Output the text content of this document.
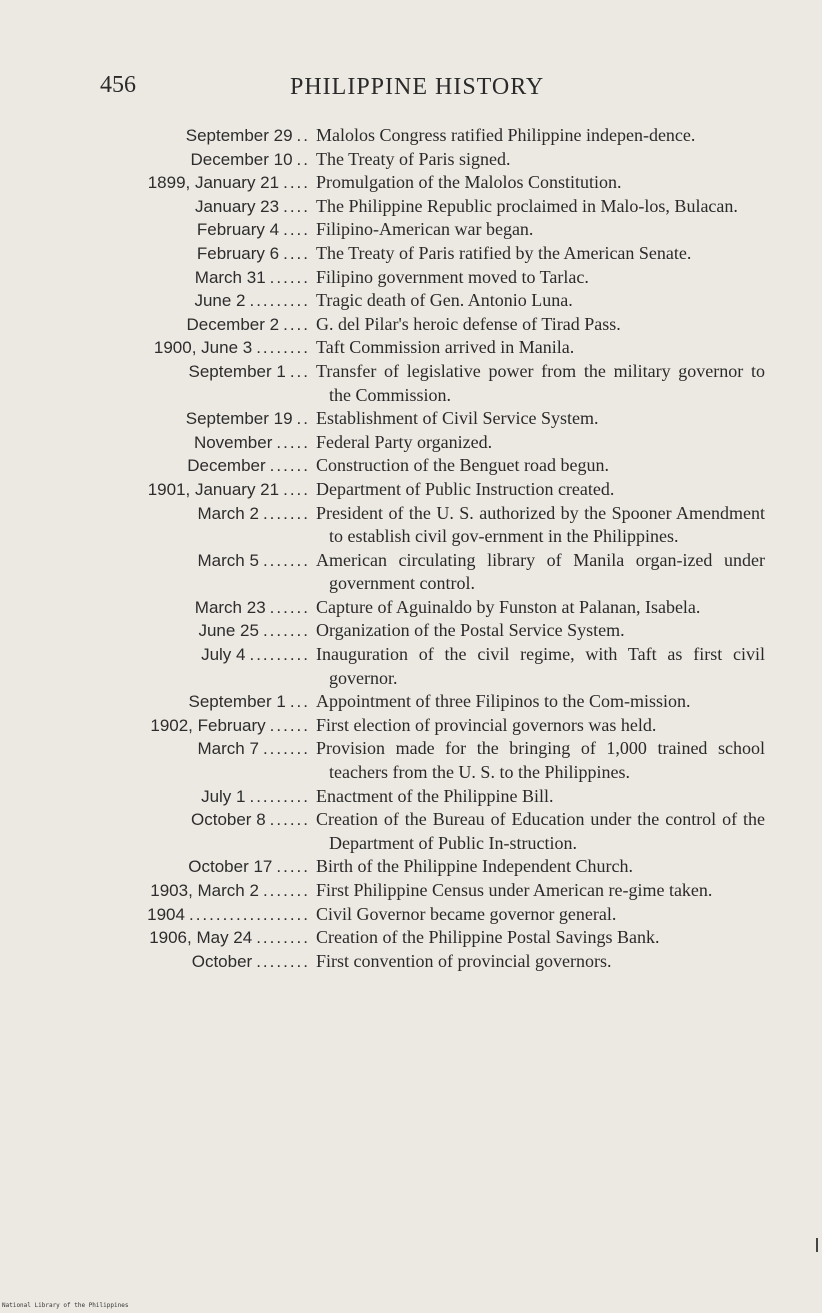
456	PHILIPPINE HISTORY
September 29 .. Malolos Congress ratified Philippine indepen-dence.
December 10 .. The Treaty of Paris signed.
1899, January 21 .... Promulgation of the Malolos Constitution.
January 23 .... The Philippine Republic proclaimed in Malo-los, Bulacan.
February 4 .... Filipino-American war began.
February 6 .... The Treaty of Paris ratified by the American Senate.
March 31 ...... Filipino government moved to Tarlac.
June 2 ......... Tragic death of Gen. Antonio Luna.
December 2 .... G. del Pilar's heroic defense of Tirad Pass.
1900, June 3 ........ Taft Commission arrived in Manila.
September 1 ... Transfer of legislative power from the military governor to the Commission.
September 19 .. Establishment of Civil Service System.
November ..... Federal Party organized.
December ...... Construction of the Benguet road begun.
1901, January 21 .... Department of Public Instruction created.
March 2 ....... President of the U. S. authorized by the Spooner Amendment to establish civil gov-ernment in the Philippines.
March 5 ....... American circulating library of Manila organ-ized under government control.
March 23 ...... Capture of Aguinaldo by Funston at Palanan, Isabela.
June 25 ....... Organization of the Postal Service System.
July 4 ......... Inauguration of the civil regime, with Taft as first civil governor.
September 1 ... Appointment of three Filipinos to the Com-mission.
1902, February ...... First election of provincial governors was held.
March 7 ....... Provision made for the bringing of 1,000 trained school teachers from the U. S. to the Philippines.
July 1 ......... Enactment of the Philippine Bill.
October 8 ...... Creation of the Bureau of Education under the control of the Department of Public In-struction.
October 17 ..... Birth of the Philippine Independent Church.
1903, March 2 ....... First Philippine Census under American re-gime taken.
1904 .................. Civil Governor became governor general.
1906, May 24 ........ Creation of the Philippine Postal Savings Bank.
October ........ First convention of provincial governors.
National Library of the Philippines
